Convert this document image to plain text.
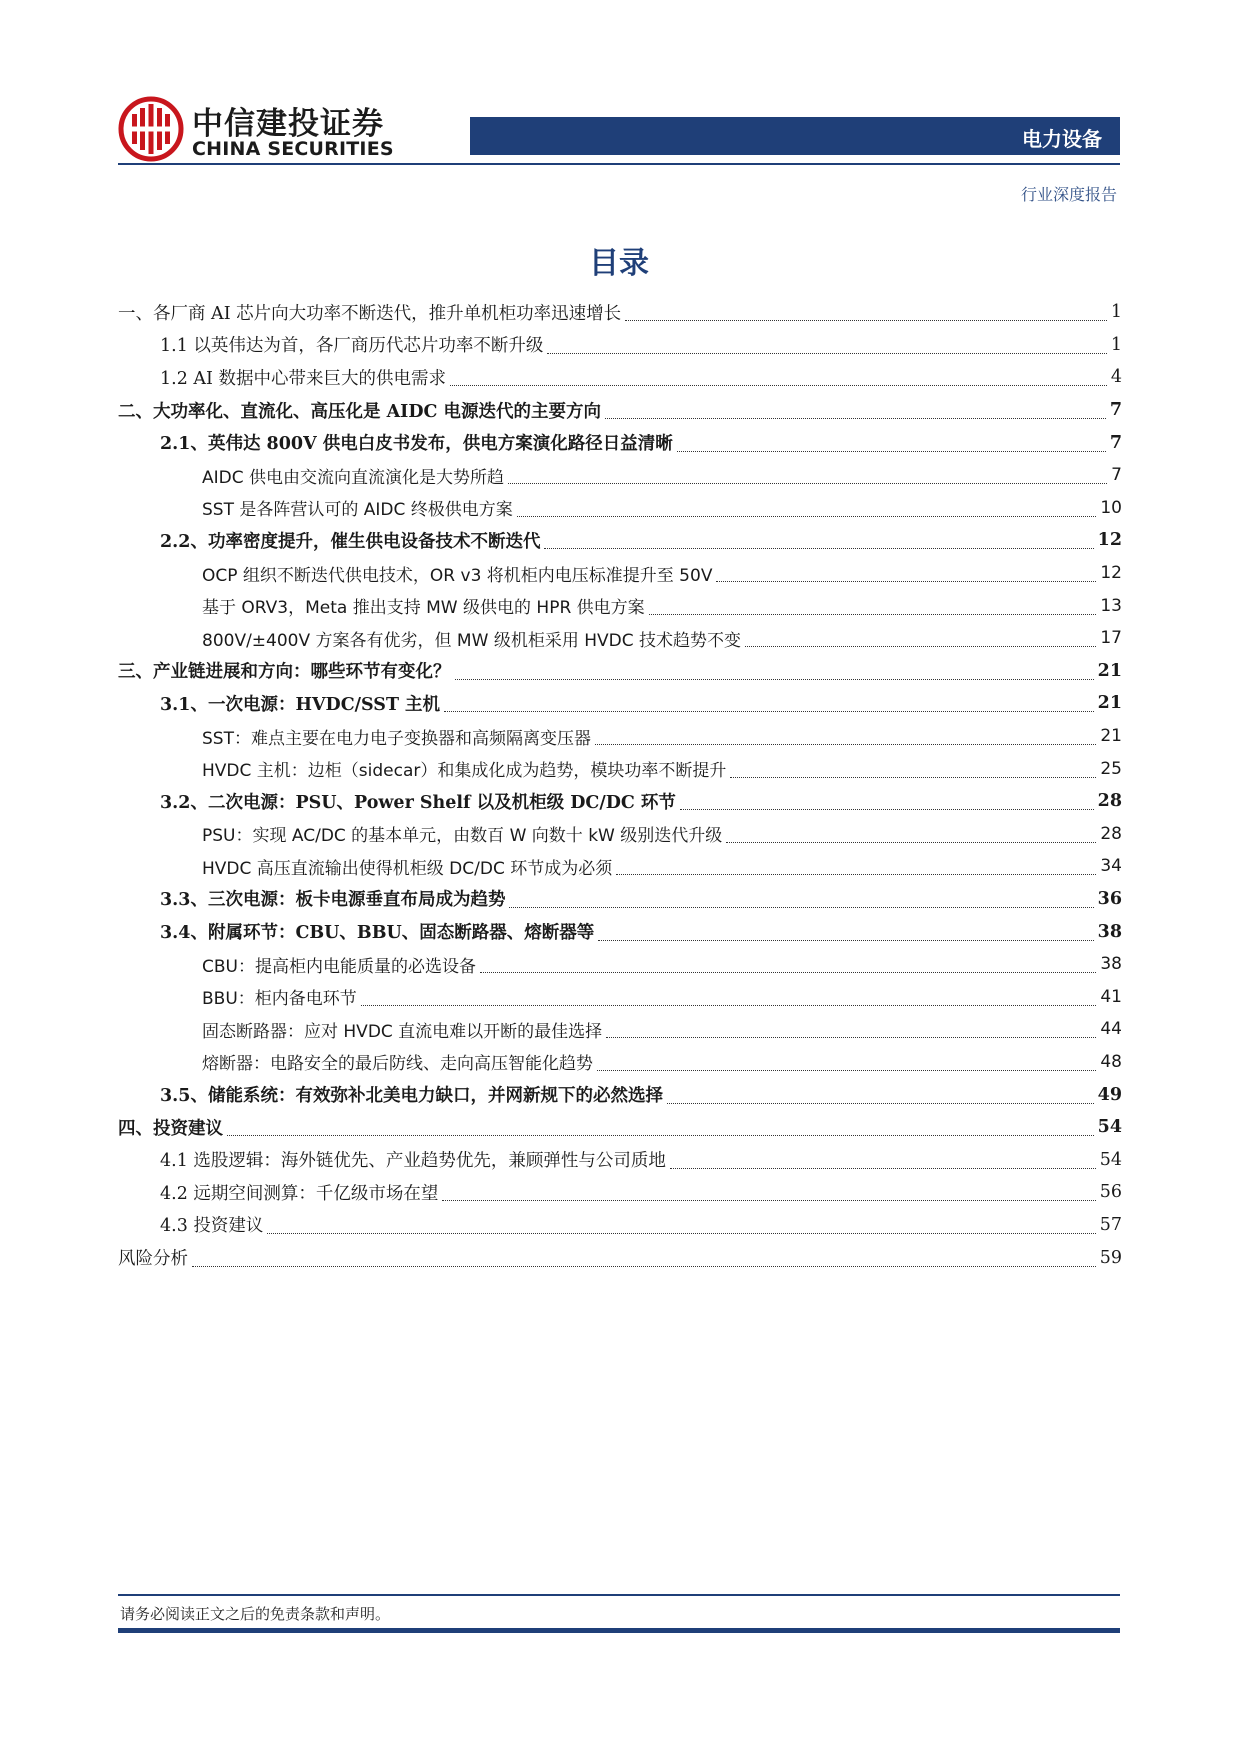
中信建投证券
CHINA SECURITIES	电力设备
行业深度报告
目录
一、各厂商 AI 芯片向大功率不断迭代，推升单机柜功率迅速增长	1
1.1 以英伟达为首，各厂商历代芯片功率不断升级	1
1.2 AI 数据中心带来巨大的供电需求	4
二、大功率化、直流化、高压化是 AIDC 电源迭代的主要方向	7
2.1、英伟达 800V 供电白皮书发布，供电方案演化路径日益清晰	7
AIDC 供电由交流向直流演化是大势所趋	7
SST 是各阵营认可的 AIDC 终极供电方案	10
2.2、功率密度提升，催生供电设备技术不断迭代	12
OCP 组织不断迭代供电技术，OR v3 将机柜内电压标准提升至 50V	12
基于 ORV3，Meta 推出支持 MW 级供电的 HPR 供电方案	13
800V/±400V 方案各有优劣，但 MW 级机柜采用 HVDC 技术趋势不变	17
三、产业链进展和方向：哪些环节有变化？	21
3.1、一次电源：HVDC/SST 主机	21
SST：难点主要在电力电子变换器和高频隔离变压器	21
HVDC 主机：边柜（sidecar）和集成化成为趋势，模块功率不断提升	25
3.2、二次电源：PSU、Power Shelf 以及机柜级 DC/DC 环节	28
PSU：实现 AC/DC 的基本单元，由数百 W 向数十 kW 级别迭代升级	28
HVDC 高压直流输出使得机柜级 DC/DC 环节成为必须	34
3.3、三次电源：板卡电源垂直布局成为趋势	36
3.4、附属环节：CBU、BBU、固态断路器、熔断器等	38
CBU：提高柜内电能质量的必选设备	38
BBU：柜内备电环节	41
固态断路器：应对 HVDC 直流电难以开断的最佳选择	44
熔断器：电路安全的最后防线、走向高压智能化趋势	48
3.5、储能系统：有效弥补北美电力缺口，并网新规下的必然选择	49
四、投资建议	54
4.1 选股逻辑：海外链优先、产业趋势优先，兼顾弹性与公司质地	54
4.2 远期空间测算：千亿级市场在望	56
4.3 投资建议	57
风险分析	59
请务必阅读正文之后的免责条款和声明。
